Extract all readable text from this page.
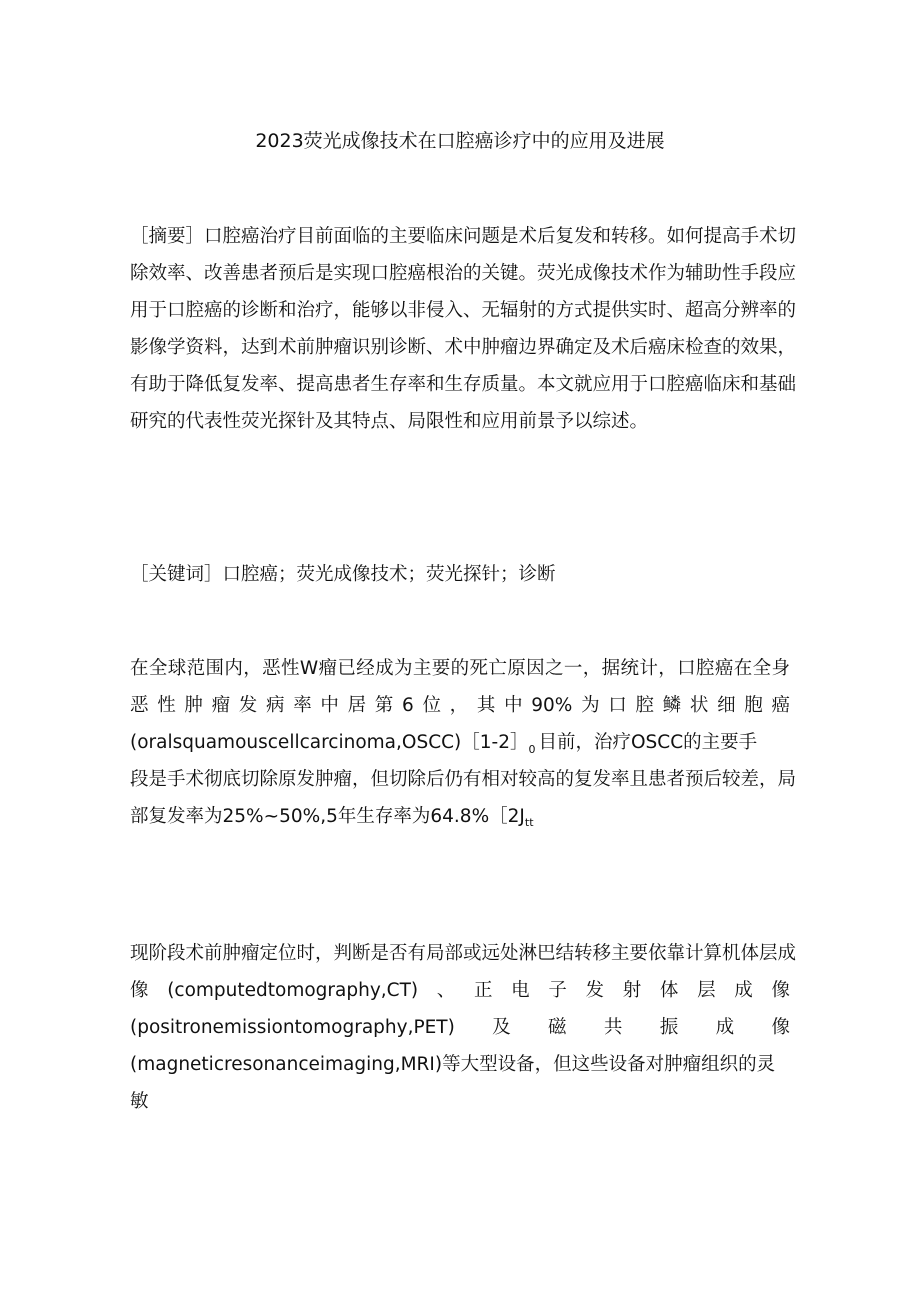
2023荧光成像技术在口腔癌诊疗中的应用及进展
［摘要］口腔癌治疗目前面临的主要临床问题是术后复发和转移。如何提高手术切
除效率、改善患者预后是实现口腔癌根治的关键。荧光成像技术作为辅助性手段应
用于口腔癌的诊断和治疗，能够以非侵入、无辐射的方式提供实时、超高分辨率的
影像学资料，达到术前肿瘤识别诊断、术中肿瘤边界确定及术后癌床检查的效果，
有助于降低复发率、提高患者生存率和生存质量。本文就应用于口腔癌临床和基础
研究的代表性荧光探针及其特点、局限性和应用前景予以综述。
［关键词］口腔癌；荧光成像技术；荧光探针；诊断
在全球范围内，恶性W瘤已经成为主要的死亡原因之一，据统计，口腔癌在全身
恶性肿瘤发病率中居第6位，其中90%为口腔鳞状细胞癌
$(oralsquamouscellcarcinoma,OSCC)[1-2]_0$ 目前，治疗OSCC的主要手
段是手术彻底切除原发肿瘤，但切除后仍有相对较高的复发率且患者预后较差，局
部复发率为25%~50%,5年生存率为$64.8\%[2J_{tt}$
现阶段术前肿瘤定位时，判断是否有局部或远处淋巴结转移主要依靠计算机体层成
像(computedtomography,CT)、正电子发射体层成像
(positronemissiontomography,PET)及磁共振成像
(magneticresonanceimaging,MRI)等大型设备，但这些设备对肿瘤组织的灵
敏
